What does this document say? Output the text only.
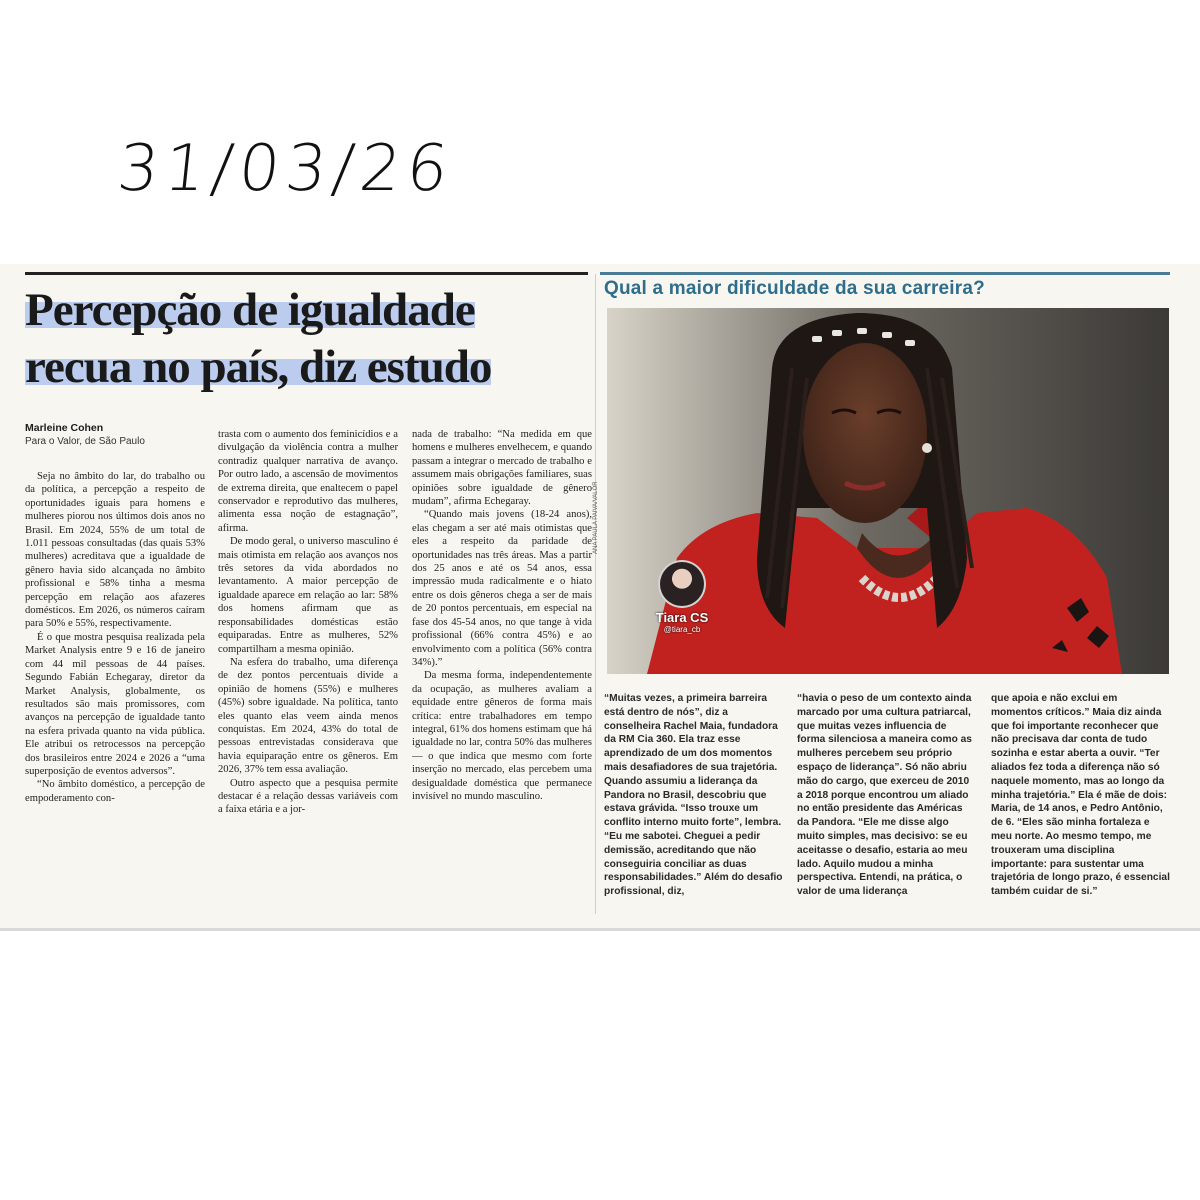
31/03/26
Percepção de igualdade
recua no país, diz estudo
Marleine Cohen
Para o Valor, de São Paulo

Seja no âmbito do lar, do trabalho ou da política, a percepção a respeito de oportunidades iguais para homens e mulheres piorou nos últimos dois anos no Brasil. Em 2024, 55% de um total de 1.011 pessoas consultadas (das quais 53% mulheres) acreditava que a igualdade de gênero havia sido alcançada no âmbito profissional e 58% tinha a mesma percepção em relação aos afazeres domésticos. Em 2026, os números caíram para 50% e 55%, respectivamente.

É o que mostra pesquisa realizada pela Market Analysis entre 9 e 16 de janeiro com 44 mil pessoas de 44 países. Segundo Fabián Echegaray, diretor da Market Analysis, globalmente, os resultados são mais promissores, com avanços na percepção de igualdade tanto na esfera privada quanto na vida pública. Ele atribui os retrocessos na percepção dos brasileiros entre 2024 e 2026 a “uma superposição de eventos adversos”.

“No âmbito doméstico, a percepção de empoderamento con-

trasta com o aumento dos feminicídios e a divulgação da violência contra a mulher contradiz qualquer narrativa de avanço. Por outro lado, a ascensão de movimentos de extrema direita, que enaltecem o papel conservador e reprodutivo das mulheres, alimenta essa noção de estagnação”, afirma.

De modo geral, o universo masculino é mais otimista em relação aos avanços nos três setores da vida abordados no levantamento. A maior percepção de igualdade aparece em relação ao lar: 58% dos homens afirmam que as responsabilidades domésticas estão equiparadas. Entre as mulheres, 52% compartilham a mesma opinião.

Na esfera do trabalho, uma diferença de dez pontos percentuais divide a opinião de homens (55%) e mulheres (45%) sobre igualdade. Na política, tanto eles quanto elas veem ainda menos conquistas. Em 2024, 43% do total de pessoas entrevistadas considerava que havia equiparação entre os gêneros. Em 2026, 37% tem essa avaliação.

Outro aspecto que a pesquisa permite destacar é a relação dessas variáveis com a faixa etária e a jor-

nada de trabalho: “Na medida em que homens e mulheres envelhecem, e quando passam a integrar o mercado de trabalho e assumem mais obrigações familiares, suas opiniões sobre igualdade de gênero mudam”, afirma Echegaray.

“Quando mais jovens (18-24 anos), elas chegam a ser até mais otimistas que eles a respeito da paridade de oportunidades nas três áreas. Mas a partir dos 25 anos e até os 54 anos, essa impressão muda radicalmente e o hiato entre os dois gêneros chega a ser de mais de 20 pontos percentuais, em especial na fase dos 45-54 anos, no que tange à vida profissional (66% contra 45%) e ao envolvimento com a política (56% contra 34%).”

Da mesma forma, independentemente da ocupação, as mulheres avaliam a equidade entre gêneros de forma mais crítica: entre trabalhadores em tempo integral, 61% dos homens estimam que há igualdade no lar, contra 50% das mulheres — o que indica que mesmo com forte inserção no mercado, elas percebem uma desigualdade doméstica que permanece invisível no mundo masculino.

Qual a maior dificuldade da sua carreira?
ANA PAULA PAIVA/VALOR
Tiara CS
@tiara_cb

“Muitas vezes, a primeira barreira está dentro de nós”, diz a conselheira Rachel Maia, fundadora da RM Cia 360. Ela traz esse aprendizado de um dos momentos mais desafiadores de sua trajetória. Quando assumiu a liderança da Pandora no Brasil, descobriu que estava grávida. “Isso trouxe um conflito interno muito forte”, lembra. “Eu me sabotei. Cheguei a pedir demissão, acreditando que não conseguiria conciliar as duas responsabilidades.” Além do desafio profissional, diz,

“havia o peso de um contexto ainda marcado por uma cultura patriarcal, que muitas vezes influencia de forma silenciosa a maneira como as mulheres percebem seu próprio espaço de liderança”. Só não abriu mão do cargo, que exerceu de 2010 a 2018 porque encontrou um aliado no então presidente das Américas da Pandora. “Ele me disse algo muito simples, mas decisivo: se eu aceitasse o desafio, estaria ao meu lado. Aquilo mudou a minha perspectiva. Entendi, na prática, o valor de uma liderança

que apoia e não exclui em momentos críticos.” Maia diz ainda que foi importante reconhecer que não precisava dar conta de tudo sozinha e estar aberta a ouvir. “Ter aliados fez toda a diferença não só naquele momento, mas ao longo da minha trajetória.” Ela é mãe de dois: Maria, de 14 anos, e Pedro Antônio, de 6. “Eles são minha fortaleza e meu norte. Ao mesmo tempo, me trouxeram uma disciplina importante: para sustentar uma trajetória de longo prazo, é essencial também cuidar de si.”
